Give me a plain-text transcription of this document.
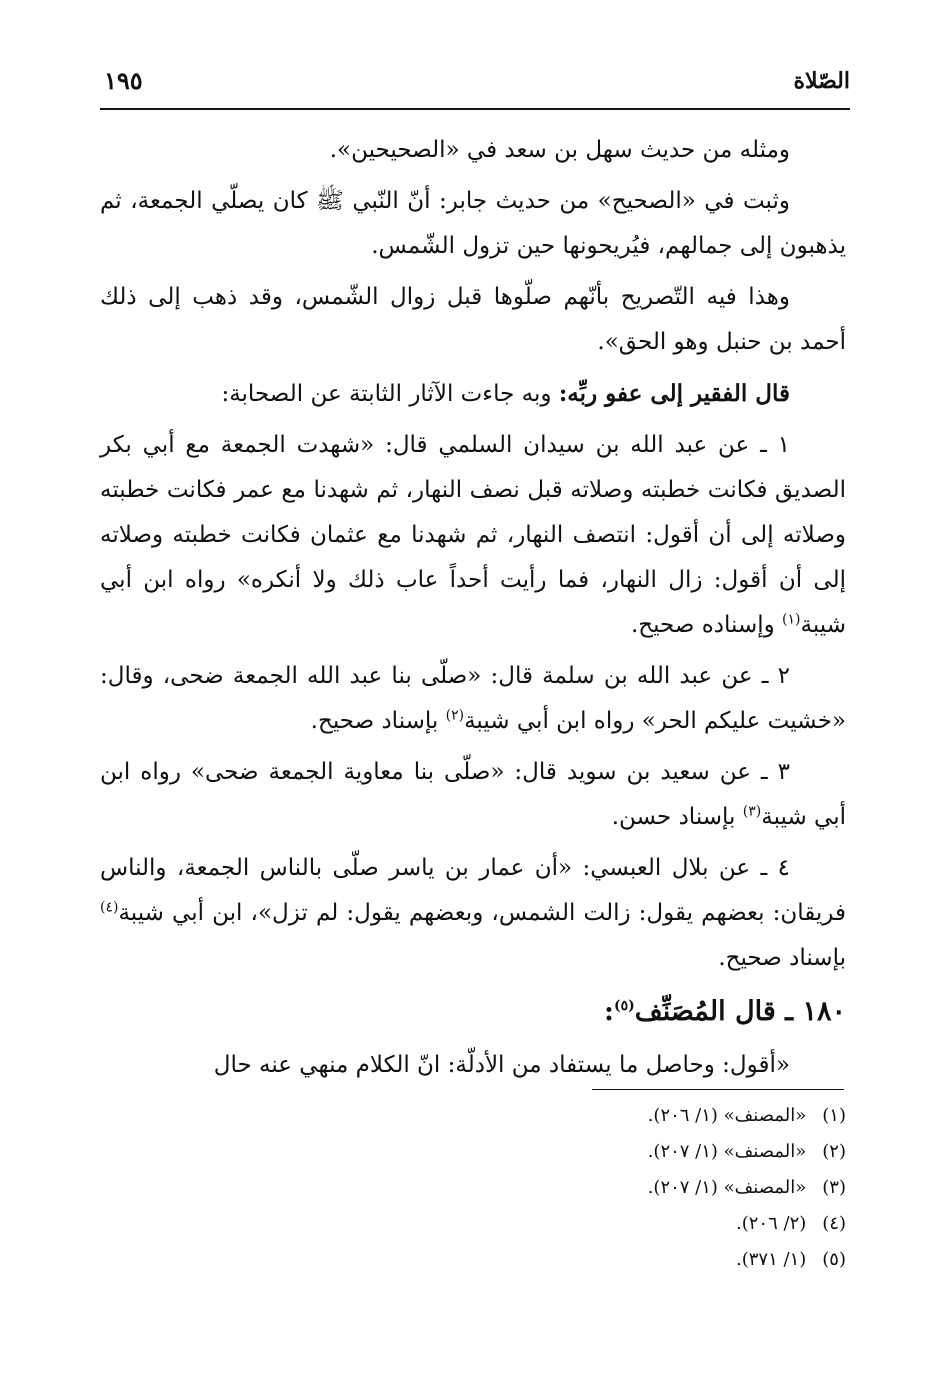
الصّلاة
١٩٥

ومثله من حديث سهل بن سعد في «الصحيحين».

وثبت في «الصحيح» من حديث جابر: أنّ النّبي ﷺ كان يصلّي الجمعة، ثم يذهبون إلى جمالهم، فيُريحونها حين تزول الشّمس.

وهذا فيه التّصريح بأنّهم صلّوها قبل زوال الشّمس، وقد ذهب إلى ذلك أحمد بن حنبل وهو الحق».

قال الفقير إلى عفو ربِّه: وبه جاءت الآثار الثابتة عن الصحابة:

١ ـ عن عبد الله بن سيدان السلمي قال: «شهدت الجمعة مع أبي بكر الصديق فكانت خطبته وصلاته قبل نصف النهار، ثم شهدنا مع عمر فكانت خطبته وصلاته إلى أن أقول: انتصف النهار، ثم شهدنا مع عثمان فكانت خطبته وصلاته إلى أن أقول: زال النهار، فما رأيت أحداً عاب ذلك ولا أنكره» رواه ابن أبي شيبة$^{(١)}$ وإسناده صحيح.

٢ ـ عن عبد الله بن سلمة قال: «صلّى بنا عبد الله الجمعة ضحى، وقال: «خشيت عليكم الحر» رواه ابن أبي شيبة$^{(٢)}$ بإسناد صحيح.

٣ ـ عن سعيد بن سويد قال: «صلّى بنا معاوية الجمعة ضحى» رواه ابن أبي شيبة$^{(٣)}$ بإسناد حسن.

٤ ـ عن بلال العبسي: «أن عمار بن ياسر صلّى بالناس الجمعة، والناس فريقان: بعضهم يقول: زالت الشمس، وبعضهم يقول: لم تزل»، ابن أبي شيبة$^{(٤)}$ بإسناد صحيح.

١٨٠ ـ قال المُصَنِّف$^{(٥)}$:

«أقول: وحاصل ما يستفاد من الأدلّة: انّ الكلام منهي عنه حال

(١) «المصنف» (١/ ٢٠٦).
(٢) «المصنف» (١/ ٢٠٧).
(٣) «المصنف» (١/ ٢٠٧).
(٤) (٢/ ٢٠٦).
(٥) (١/ ٣٧١).
